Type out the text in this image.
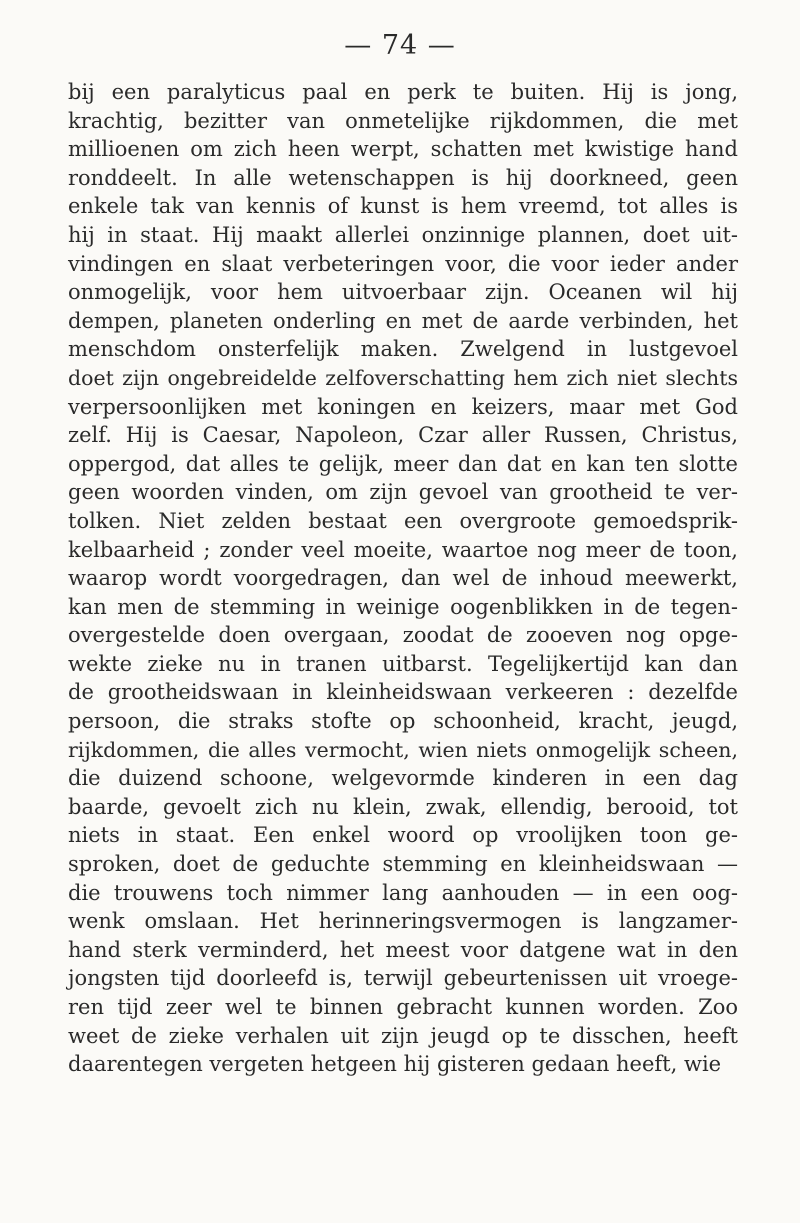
— 74 —
bij een paralyticus paal en perk te buiten. Hij is jong,
krachtig, bezitter van onmetelijke rijkdommen, die met
millioenen om zich heen werpt, schatten met kwistige hand
ronddeelt. In alle wetenschappen is hij doorkneed, geen
enkele tak van kennis of kunst is hem vreemd, tot alles is
hij in staat. Hij maakt allerlei onzinnige plannen, doet uit-
vindingen en slaat verbeteringen voor, die voor ieder ander
onmogelijk, voor hem uitvoerbaar zijn. Oceanen wil hij
dempen, planeten onderling en met de aarde verbinden, het
menschdom onsterfelijk maken. Zwelgend in lustgevoel
doet zijn ongebreidelde zelfoverschatting hem zich niet slechts
verpersoonlijken met koningen en keizers, maar met God
zelf. Hij is Caesar, Napoleon, Czar aller Russen, Christus,
oppergod, dat alles te gelijk, meer dan dat en kan ten slotte
geen woorden vinden, om zijn gevoel van grootheid te ver-
tolken. Niet zelden bestaat een overgroote gemoedsprik-
kelbaarheid ; zonder veel moeite, waartoe nog meer de toon,
waarop wordt voorgedragen, dan wel de inhoud meewerkt,
kan men de stemming in weinige oogenblikken in de tegen-
overgestelde doen overgaan, zoodat de zooeven nog opge-
wekte zieke nu in tranen uitbarst. Tegelijkertijd kan dan
de grootheidswaan in kleinheidswaan verkeeren : dezelfde
persoon, die straks stofte op schoonheid, kracht, jeugd,
rijkdommen, die alles vermocht, wien niets onmogelijk scheen,
die duizend schoone, welgevormde kinderen in een dag
baarde, gevoelt zich nu klein, zwak, ellendig, berooid, tot
niets in staat. Een enkel woord op vroolijken toon ge-
sproken, doet de geduchte stemming en kleinheidswaan —
die trouwens toch nimmer lang aanhouden — in een oog-
wenk omslaan. Het herinneringsvermogen is langzamer-
hand sterk verminderd, het meest voor datgene wat in den
jongsten tijd doorleefd is, terwijl gebeurtenissen uit vroege-
ren tijd zeer wel te binnen gebracht kunnen worden. Zoo
weet de zieke verhalen uit zijn jeugd op te disschen, heeft
daarentegen vergeten hetgeen hij gisteren gedaan heeft, wie
